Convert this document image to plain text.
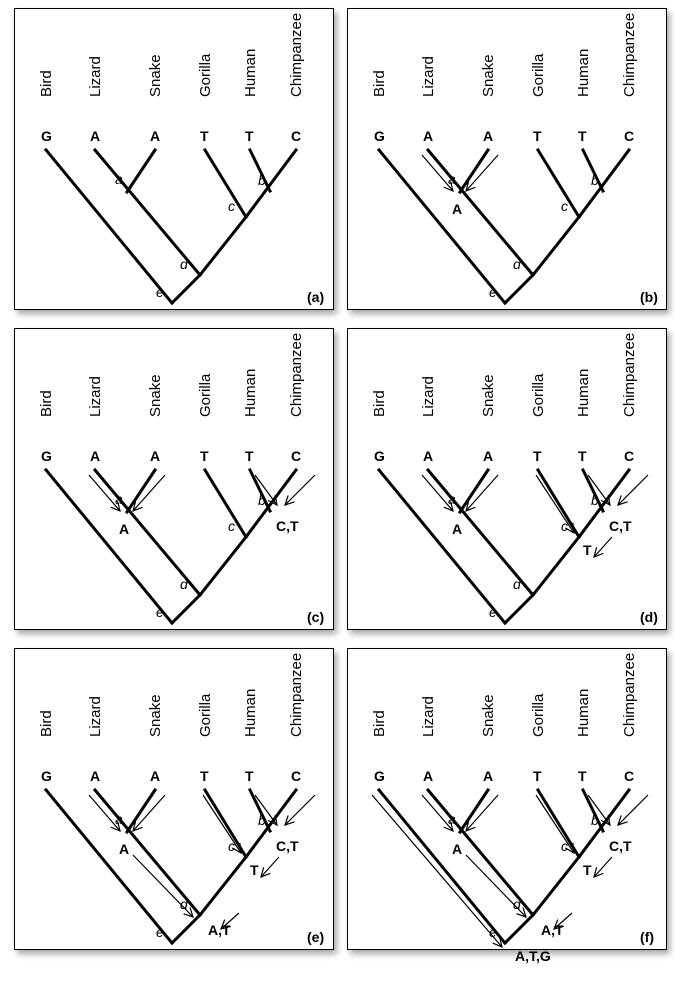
Bird Lizard	Snake Gorilla Human Chimpanzee
G	A	A	T	T	C
a	b
c
d
e	(a)
Bird Lizard	Snake Gorilla Human Chimpanzee
G	A	A	T	T	C
a	b
c
d
e
A
(b)
Bird Lizard	Snake Gorilla Human Chimpanzee
G	A	A	T	T	C
a	b
c
d
e
A	C,T
(c)
Bird Lizard	Snake Gorilla Human Chimpanzee
G	A	A	T	T	C
a	b
c
d
e
A	C,T
T
(d)
Bird Lizard	Snake Gorilla Human Chimpanzee
G	A	A	T	T	C
a	b
c
d
e
A	C,T
T
A,T	(e)
Bird Lizard	Snake Gorilla Human Chimpanzee
G	A	A	T	T	C
a	b
c
d
e
A	C,T
T
A,T
A,T,G
(f)
